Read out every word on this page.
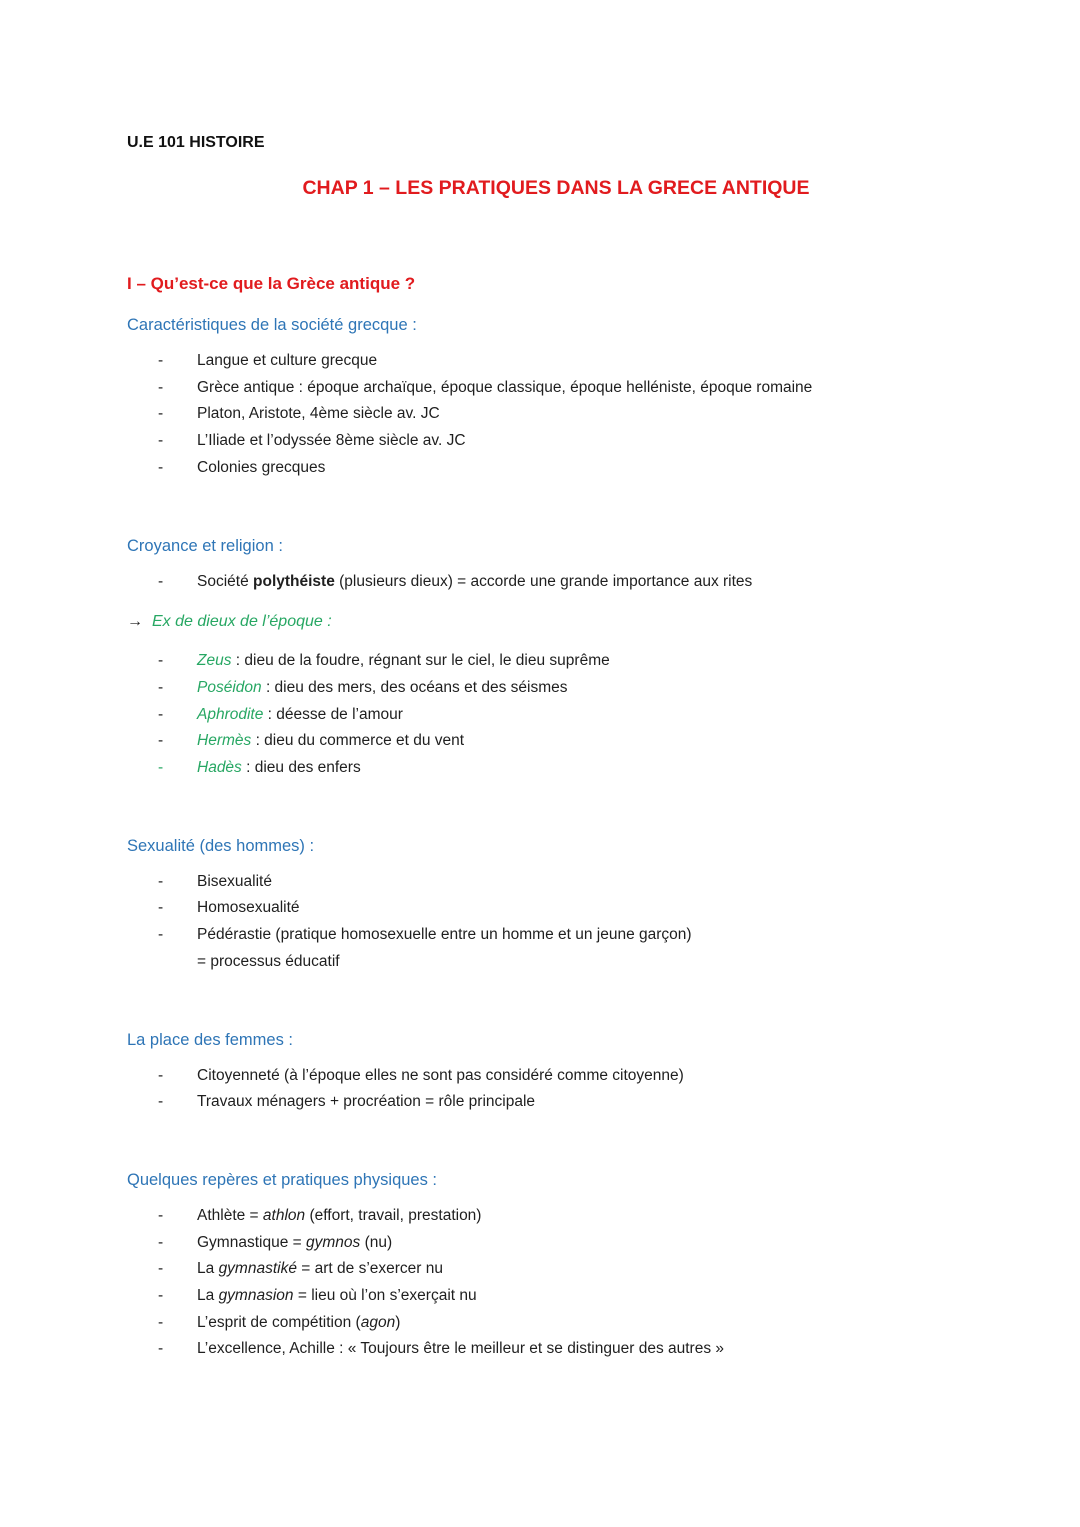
U.E 101 HISTOIRE
CHAP 1 – LES PRATIQUES DANS LA GRECE ANTIQUE
I – Qu’est-ce que la Grèce antique ?
Caractéristiques de la société grecque :
-	Langue et culture grecque
-	Grèce antique : époque archaïque, époque classique, époque helléniste, époque romaine
-	Platon, Aristote, 4ème siècle av. JC
-	L’Iliade et l’odyssée 8ème siècle av. JC
-	Colonies grecques
Croyance et religion :
-	Société polythéiste (plusieurs dieux) = accorde une grande importance aux rites
→ Ex de dieux de l’époque :
-	Zeus : dieu de la foudre, régnant sur le ciel, le dieu suprême
-	Poséidon : dieu des mers, des océans et des séismes
-	Aphrodite : déesse de l’amour
-	Hermès : dieu du commerce et du vent
-	Hadès : dieu des enfers
Sexualité (des hommes) :
-	Bisexualité
-	Homosexualité
-	Pédérastie (pratique homosexuelle entre un homme et un jeune garçon)
= processus éducatif
La place des femmes :
-	Citoyenneté (à l’époque elles ne sont pas considéré comme citoyenne)
-	Travaux ménagers + procréation = rôle principale
Quelques repères et pratiques physiques :
-	Athlète = athlon (effort, travail, prestation)
-	Gymnastique = gymnos (nu)
-	La gymnastiké = art de s’exercer nu
-	La gymnasion = lieu où l’on s’exerçait nu
-	L’esprit de compétition (agon)
-	L’excellence, Achille : « Toujours être le meilleur et se distinguer des autres »
